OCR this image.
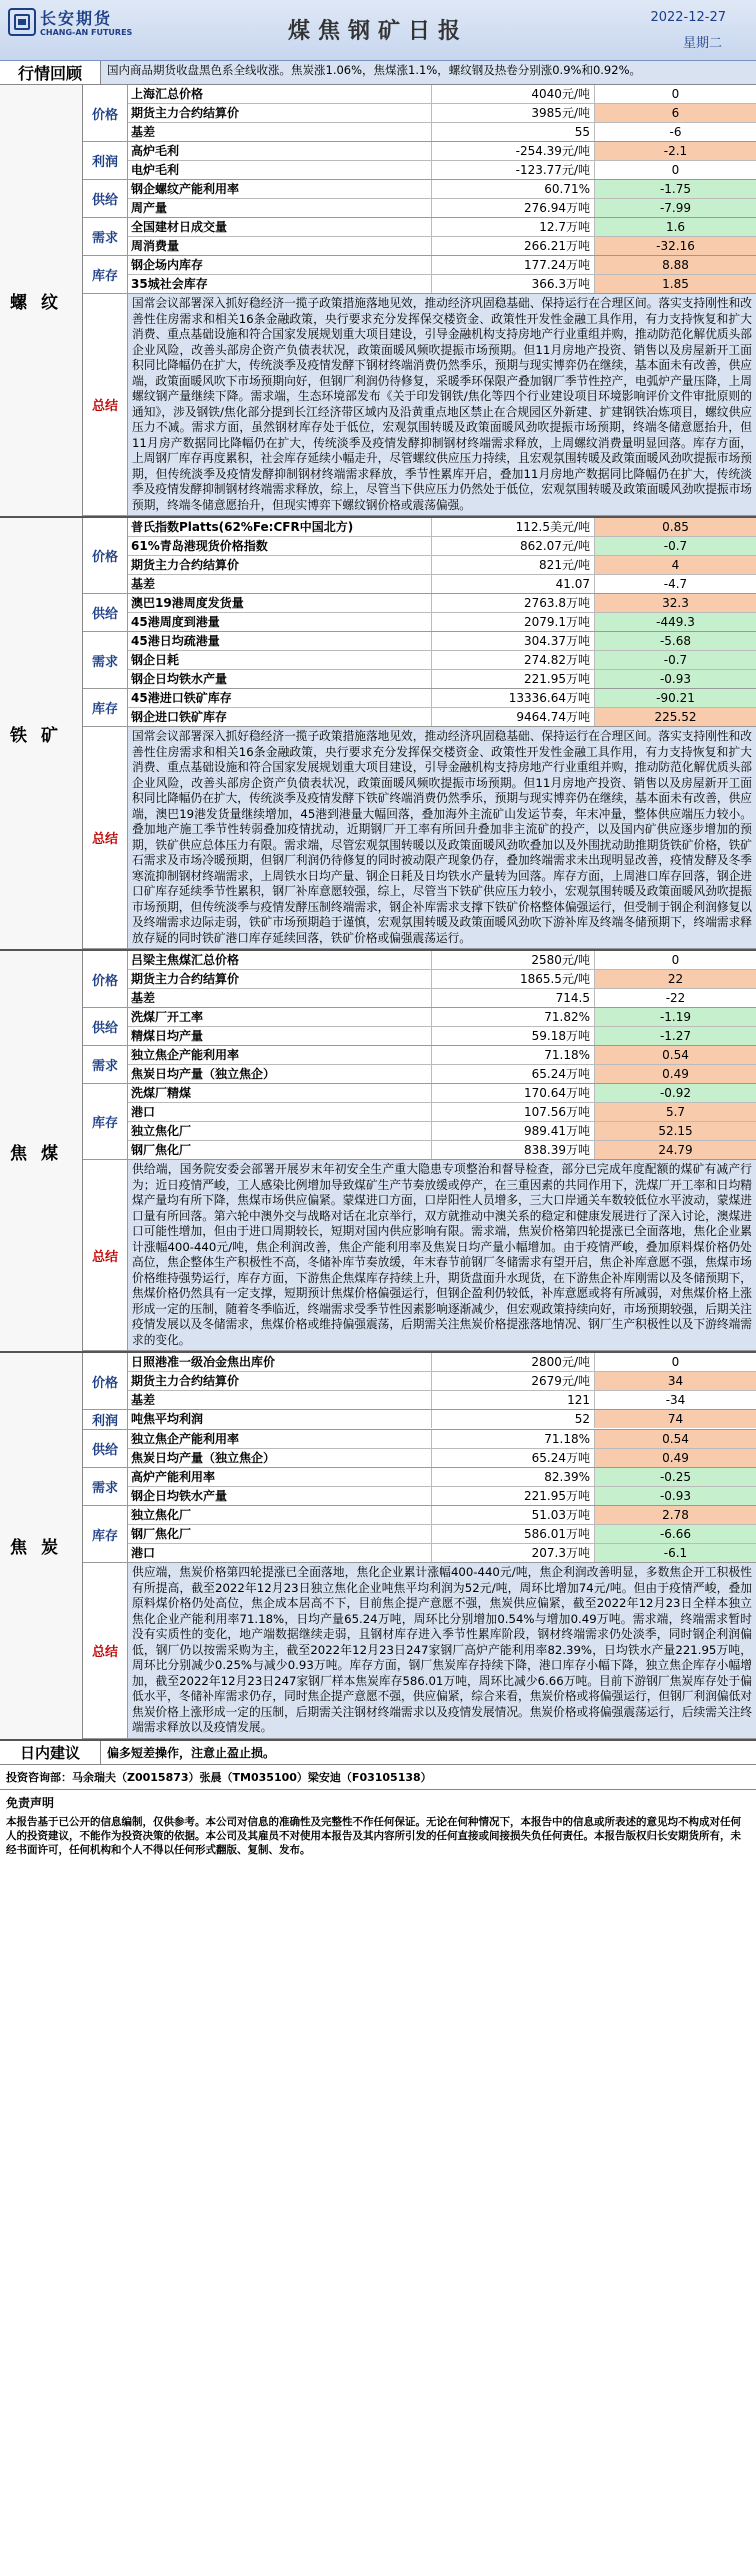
长安期货
CHANG-AN FUTURES	煤焦钢矿日报
2022-12-27
星期二
行情回顾	国内商品期货收盘黑色系全线收涨。焦炭涨1.06%，焦煤涨1.1%，螺纹钢及热卷分别涨0.9%和0.92%。
螺纹
价格
上海汇总价格	4040元/吨	0
期货主力合约结算价	3985元/吨	6
基差	55	-6
利润
高炉毛利	-254.39元/吨	-2.1
电炉毛利	-123.77元/吨	0
供给
钢企螺纹产能利用率	60.71%	-1.75
周产量	276.94万吨	-7.99
需求
全国建材日成交量	12.7万吨	1.6
周消费量	266.21万吨	-32.16
库存
钢企场内库存	177.24万吨	8.88
35城社会库存	366.3万吨	1.85
总结
国常会议部署深入抓好稳经济一揽子政策措施落地见效，推动经济巩固稳基础、保持运行在合理区间。落实支持刚性和改善性住房需求和相关16条金融政策，央行要求充分发挥保交楼资金、政策性开发性金融工具作用，有力支持恢复和扩大消费、重点基础设施和符合国家发展规划重大项目建设，引导金融机构支持房地产行业重组并购，推动防范化解优质头部企业风险，改善头部房企资产负债表状况，政策面暖风频吹提振市场预期。但11月房地产投资、销售以及房屋新开工面积同比降幅仍在扩大，传统淡季及疫情发酵下钢材终端消费仍然季乐，预期与现实博弈仍在继续，基本面未有改善，供应端，政策面暖风吹下市场预期向好，但钢厂利润仍待修复，采暖季环保限产叠加钢厂季节性控产，电弧炉产量压降，上周螺纹钢产量继续下降。需求端，生态环境部发布《关于印发钢铁/焦化等四个行业建设项目环境影响评价文件审批原则的通知》，涉及钢铁/焦化部分提到长江经济带区域内及沿黄重点地区禁止在合规园区外新建、扩建钢铁冶炼项目，螺纹供应压力不减。需求方面，虽然钢材库存处于低位，宏观氛围转暖及政策面暖风劲吹提振市场预期，终端冬储意愿抬升，但11月房产数据同比降幅仍在扩大，传统淡季及疫情发酵抑制钢材终端需求释放，上周螺纹消费量明显回落。库存方面，上周钢厂库存再度累积，社会库存延续小幅走升，尽管螺纹供应压力持续，且宏观氛围转暖及政策面暖风劲吹提振市场预期，但传统淡季及疫情发酵抑制钢材终端需求释放，季节性累库开启，叠加11月房地产数据同比降幅仍在扩大，传统淡季及疫情发酵抑制钢材终端需求释放，综上，尽管当下供应压力仍然处于低位，宏观氛围转暖及政策面暖风劲吹提振市场预期，终端冬储意愿抬升，但现实博弈下螺纹钢价格或震荡偏强。
铁矿
价格
普氏指数Platts(62%Fe:CFR中国北方)	112.5美元/吨	0.85
61%青岛港现货价格指数	862.07元/吨	-0.7
期货主力合约结算价	821元/吨	4
基差	41.07	-4.7
供给
澳巴19港周度发货量	2763.8万吨	32.3
45港周度到港量	2079.1万吨	-449.3
需求
45港日均疏港量	304.37万吨	-5.68
钢企日耗	274.82万吨	-0.7
钢企日均铁水产量	221.95万吨	-0.93
库存
45港进口铁矿库存	13336.64万吨	-90.21
钢企进口铁矿库存	9464.74万吨	225.52
总结
国常会议部署深入抓好稳经济一揽子政策措施落地见效，推动经济巩固稳基础、保持运行在合理区间。落实支持刚性和改善性住房需求和相关16条金融政策，央行要求充分发挥保交楼资金、政策性开发性金融工具作用，有力支持恢复和扩大消费、重点基础设施和符合国家发展规划重大项目建设，引导金融机构支持房地产行业重组并购，推动防范化解优质头部企业风险，改善头部房企资产负债表状况，政策面暖风频吹提振市场预期。但11月房地产投资、销售以及房屋新开工面积同比降幅仍在扩大，传统淡季及疫情发酵下铁矿终端消费仍然季乐，预期与现实博弈仍在继续，基本面未有改善，供应端，澳巴19港发货量继续增加，45港到港量大幅回落，叠加海外主流矿山发运节奏，年末冲量，整体供应端压力较小。叠加地产施工季节性转弱叠加疫情扰动，近期钢厂开工率有所回升叠加非主流矿的投产，以及国内矿供应逐步增加的预期，铁矿供应总体压力有限。需求端，尽管宏观氛围转暖以及政策面暖风劲吹叠加以及外围扰动助推期货铁矿价格，铁矿石需求及市场冷暖预期，但钢厂利润仍待修复的同时被动限产现象仍存，叠加终端需求未出现明显改善，疫情发酵及冬季寒流抑制钢材终端需求，上周铁水日均产量、钢企日耗及日均铁水产量转为回落。库存方面，上周港口库存回落，钢企进口矿库存延续季节性累积，钢厂补库意愿较强，综上，尽管当下铁矿供应压力较小，宏观氛围转暖及政策面暖风劲吹提振市场预期，但传统淡季与疫情发酵压制终端需求，钢企补库需求支撑下铁矿价格整体偏强运行，但受制于钢企利润修复以及终端需求边际走弱，铁矿市场预期趋于谨慎，宏观氛围转暖及政策面暖风劲吹下游补库及终端冬储预期下，终端需求释放存疑的同时铁矿港口库存延续回落，铁矿价格或偏强震荡运行。
焦煤
价格
吕梁主焦煤汇总价格	2580元/吨	0
期货主力合约结算价	1865.5元/吨	22
基差	714.5	-22
供给
洗煤厂开工率	71.82%	-1.19
精煤日均产量	59.18万吨	-1.27
需求
独立焦企产能利用率	71.18%	0.54
焦炭日均产量（独立焦企）	65.24万吨	0.49
库存
洗煤厂精煤	170.64万吨	-0.92
港口	107.56万吨	5.7
独立焦化厂	989.41万吨	52.15
钢厂焦化厂	838.39万吨	24.79
总结
供给端，国务院安委会部署开展岁末年初安全生产重大隐患专项整治和督导检查，部分已完成年度配额的煤矿有减产行为；近日疫情严峻，工人感染比例增加导致煤矿生产节奏放缓或停产，在三重因素的共同作用下，洗煤厂开工率和日均精煤产量均有所下降，焦煤市场供应偏紧。蒙煤进口方面，口岸阳性人员增多，三大口岸通关车数较低位水平波动，蒙煤进口量有所回落。第六轮中澳外交与战略对话在北京举行，双方就推动中澳关系的稳定和健康发展进行了深入讨论，澳煤进口可能性增加，但由于进口周期较长，短期对国内供应影响有限。需求端，焦炭价格第四轮提涨已全面落地，焦化企业累计涨幅400-440元/吨，焦企利润改善，焦企产能利用率及焦炭日均产量小幅增加。由于疫情严峻，叠加原料煤价格仍处高位，焦企整体生产积极性不高，冬储补库节奏放缓，年末春节前钢厂冬储需求有望开启，焦企补库意愿不强，焦煤市场价格维持强势运行，库存方面，下游焦企焦煤库存持续上升，期货盘面升水现货，在下游焦企补库刚需以及冬储预期下，焦煤价格仍然具有一定支撑，短期预计焦煤价格偏强运行，但钢企盈利仍较低，补库意愿或将有所减弱，对焦煤价格上涨形成一定的压制，随着冬季临近，终端需求受季节性因素影响逐渐减少，但宏观政策持续向好，市场预期较强，后期关注疫情发展以及冬储需求，焦煤价格或维持偏强震荡，后期需关注焦炭价格提涨落地情况、钢厂生产积极性以及下游终端需求的变化。
焦炭
价格
日照港准一级冶金焦出库价	2800元/吨	0
期货主力合约结算价	2679元/吨	34
基差	121	-34
利润	吨焦平均利润	52	74
供给
独立焦企产能利用率	71.18%	0.54
焦炭日均产量（独立焦企）	65.24万吨	0.49
需求
高炉产能利用率	82.39%	-0.25
钢企日均铁水产量	221.95万吨	-0.93
库存
独立焦化厂	51.03万吨	2.78
钢厂焦化厂	586.01万吨	-6.66
港口	207.3万吨	-6.1
总结
供应端，焦炭价格第四轮提涨已全面落地，焦化企业累计涨幅400-440元/吨，焦企利润改善明显，多数焦企开工积极性有所提高，截至2022年12月23日独立焦化企业吨焦平均利润为52元/吨，周环比增加74元/吨。但由于疫情严峻，叠加原料煤价格仍处高位，焦企成本居高不下，目前焦企提产意愿不强，焦炭供应偏紧，截至2022年12月23日全样本独立焦化企业产能利用率71.18%，日均产量65.24万吨，周环比分别增加0.54%与增加0.49万吨。需求端，终端需求暂时没有实质性的变化，地产端数据继续走弱，且钢材库存进入季节性累库阶段，钢材终端需求仍处淡季，同时钢企利润偏低，钢厂仍以按需采购为主，截至2022年12月23日247家钢厂高炉产能利用率82.39%，日均铁水产量221.95万吨，周环比分别减少0.25%与减少0.93万吨。库存方面，钢厂焦炭库存持续下降，港口库存小幅下降，独立焦企库存小幅增加，截至2022年12月23日247家钢厂样本焦炭库存586.01万吨，周环比减少6.66万吨。目前下游钢厂焦炭库存处于偏低水平，冬储补库需求仍存，同时焦企提产意愿不强，供应偏紧，综合来看，焦炭价格或将偏强运行，但钢厂利润偏低对焦炭价格上涨形成一定的压制，后期需关注钢材终端需求以及疫情发展情况。焦炭价格或将偏强震荡运行，后续需关注终端需求释放以及疫情发展。
日内建议	偏多短差操作，注意止盈止损。
投资咨询部：马余瑞夫（Z0015873）张晨（TM035100）梁安迪（F03105138）
免责声明
本报告基于已公开的信息编制，仅供参考。本公司对信息的准确性及完整性不作任何保证。无论在何种情况下，本报告中的信息或所表述的意见均不构成对任何人的投资建议，不能作为投资决策的依据。本公司及其雇员不对使用本报告及其内容所引发的任何直接或间接损失负任何责任。本报告版权归长安期货所有，未经书面许可，任何机构和个人不得以任何形式翻版、复制、发布。
